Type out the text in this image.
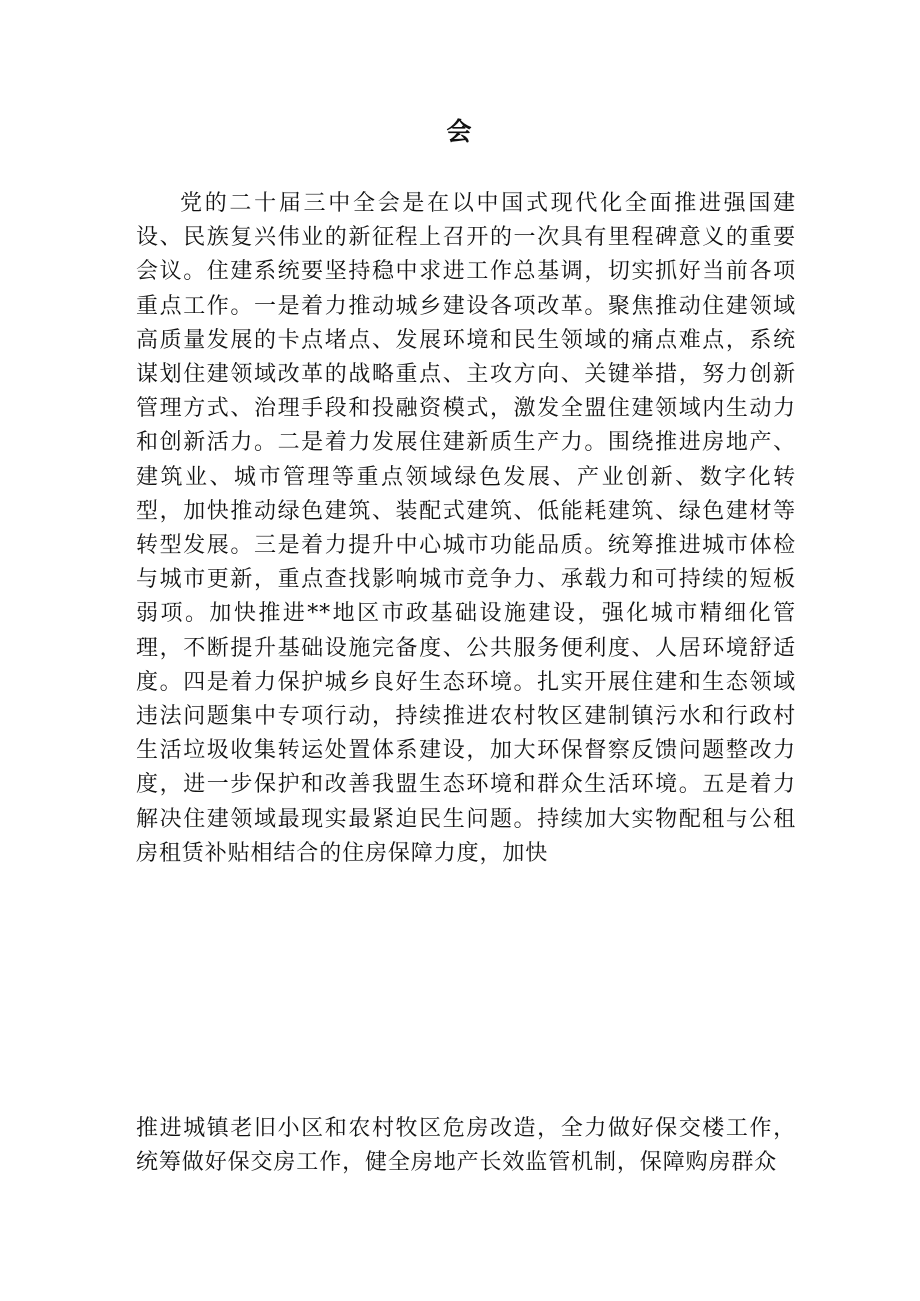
会

党的二十届三中全会是在以中国式现代化全面推进强国建设、民族复兴伟业的新征程上召开的一次具有里程碑意义的重要会议。住建系统要坚持稳中求进工作总基调，切实抓好当前各项重点工作。一是着力推动城乡建设各项改革。聚焦推动住建领域高质量发展的卡点堵点、发展环境和民生领域的痛点难点，系统谋划住建领域改革的战略重点、主攻方向、关键举措，努力创新管理方式、治理手段和投融资模式，激发全盟住建领域内生动力和创新活力。二是着力发展住建新质生产力。围绕推进房地产、建筑业、城市管理等重点领域绿色发展、产业创新、数字化转型，加快推动绿色建筑、装配式建筑、低能耗建筑、绿色建材等转型发展。三是着力提升中心城市功能品质。统筹推进城市体检与城市更新，重点查找影响城市竞争力、承载力和可持续的短板弱项。加快推进**地区市政基础设施建设，强化城市精细化管理，不断提升基础设施完备度、公共服务便利度、人居环境舒适度。四是着力保护城乡良好生态环境。扎实开展住建和生态领域违法问题集中专项行动，持续推进农村牧区建制镇污水和行政村生活垃圾收集转运处置体系建设，加大环保督察反馈问题整改力度，进一步保护和改善我盟生态环境和群众生活环境。五是着力解决住建领域最现实最紧迫民生问题。持续加大实物配租与公租房租赁补贴相结合的住房保障力度，加快

推进城镇老旧小区和农村牧区危房改造，全力做好保交楼工作，统筹做好保交房工作，健全房地产长效监管机制，保障购房群众
